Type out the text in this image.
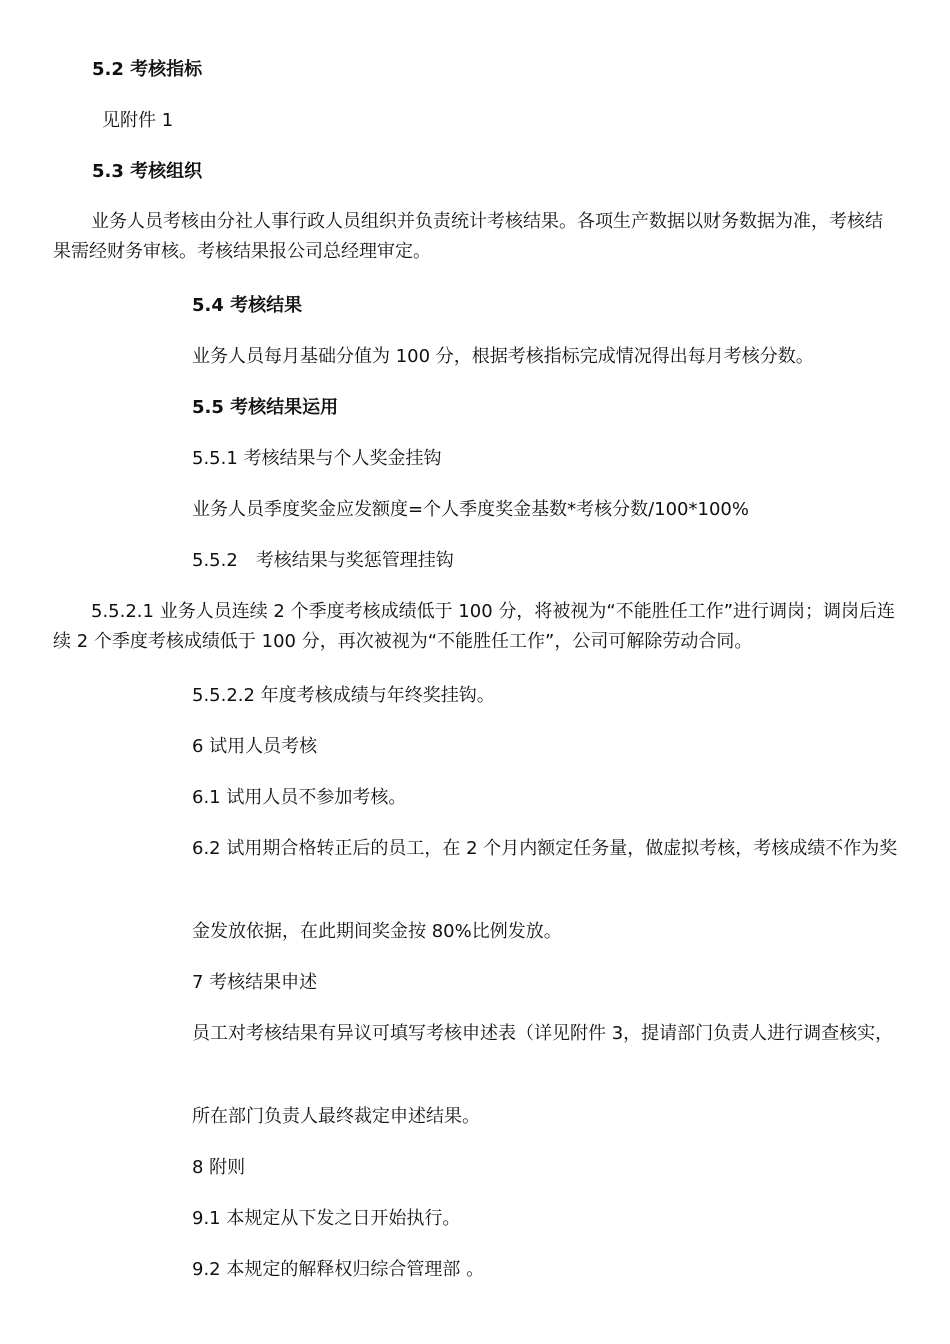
5.2 考核指标
见附件 1
5.3 考核组织
业务人员考核由分社人事行政人员组织并负责统计考核结果。各项生产数据以财务数据为准，考核结果需经财务审核。考核结果报公司总经理审定。
5.4 考核结果
业务人员每月基础分值为 100 分，根据考核指标完成情况得出每月考核分数。
5.5 考核结果运用
5.5.1 考核结果与个人奖金挂钩
业务人员季度奖金应发额度=个人季度奖金基数*考核分数/100*100%
5.5.2　考核结果与奖惩管理挂钩
5.5.2.1 业务人员连续 2 个季度考核成绩低于 100 分，将被视为“不能胜任工作”进行调岗；调岗后连续 2 个季度考核成绩低于 100 分，再次被视为“不能胜任工作”，公司可解除劳动合同。
5.5.2.2 年度考核成绩与年终奖挂钩。
6 试用人员考核
6.1 试用人员不参加考核。
6.2 试用期合格转正后的员工，在 2 个月内额定任务量，做虚拟考核，考核成绩不作为奖
金发放依据，在此期间奖金按 80%比例发放。
7 考核结果申述
员工对考核结果有异议可填写考核申述表（详见附件 3，提请部门负责人进行调查核实，
所在部门负责人最终裁定申述结果。
8 附则
9.1 本规定从下发之日开始执行。
9.2 本规定的解释权归综合管理部 。
